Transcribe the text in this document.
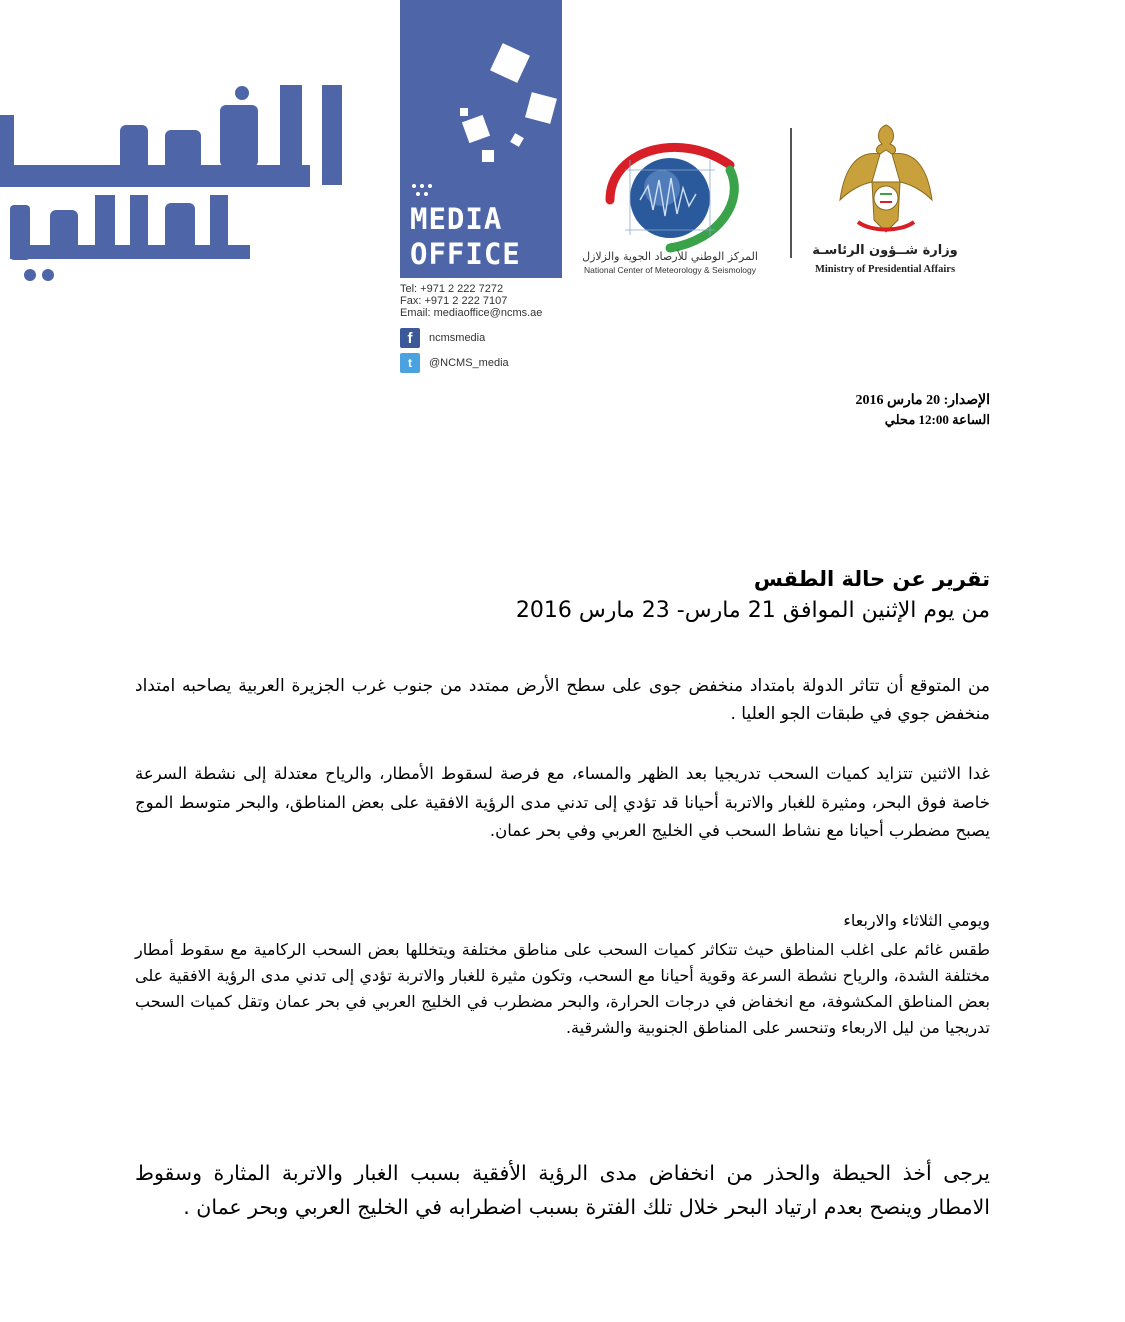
MEDIA
OFFICE
Tel: +971 2 222 7272
Fax: +971 2 222 7107
Email: mediaoffice@ncms.ae
f	ncmsmedia
t	@NCMS_media
المركز الوطني للأرصاد الجوية والزلازل
National Center of Meteorology & Seismology
وزارة شــؤون الرئاسـة
Ministry of Presidential Affairs
الإصدار: 20 مارس 2016
الساعة 12:00 محلي
تقرير عن حالة الطقس
من يوم الإثنين الموافق 21 مارس- 23 مارس 2016
من المتوقع أن تتاثر الدولة بامتداد منخفض جوى على سطح الأرض ممتدد من جنوب غرب الجزيرة العربية يصاحبه امتداد منخفض جوي في طبقات الجو العليا .
غدا الاثنين تتزايد كميات السحب تدريجيا بعد الظهر والمساء، مع فرصة لسقوط الأمطار، والرياح معتدلة إلى نشطة السرعة خاصة فوق البحر، ومثيرة للغبار والاتربة أحيانا قد تؤدي إلى تدني مدى الرؤية الافقية على بعض المناطق، والبحر متوسط الموج يصبح مضطرب أحيانا مع نشاط السحب في الخليج العربي وفي بحر عمان.
ويومي الثلاثاء والاربعاء
طقس غائم على اغلب المناطق حيث تتكاثر كميات السحب على مناطق مختلفة ويتخللها بعض السحب الركامية مع سقوط أمطار مختلفة الشدة، والرياح نشطة السرعة وقوية أحيانا مع السحب، وتكون مثيرة للغبار والاتربة تؤدي إلى تدني مدى الرؤية الافقية على بعض المناطق المكشوفة، مع انخفاض في درجات الحرارة، والبحر مضطرب في الخليج العربي في بحر عمان وتقل كميات السحب تدريجيا من ليل الاربعاء وتنحسر على المناطق الجنوبية والشرقية.
يرجى أخذ الحيطة والحذر من انخفاض مدى الرؤية الأفقية بسبب الغبار والاتربة المثارة وسقوط الامطار وينصح بعدم ارتياد البحر خلال تلك الفترة بسبب اضطرابه في الخليج العربي وبحر عمان .
